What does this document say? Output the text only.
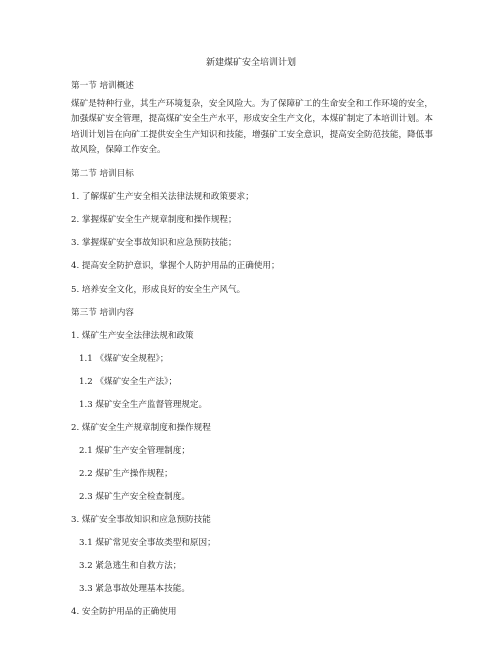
新建煤矿安全培训计划
第一节 培训概述
煤矿是特种行业，其生产环境复杂，安全风险大。为了保障矿工的生命安全和工作环境的安全，加强煤矿安全管理，提高煤矿安全生产水平，形成安全生产文化，本煤矿制定了本培训计划。本培训计划旨在向矿工提供安全生产知识和技能，增强矿工安全意识，提高安全防范技能，降低事故风险，保障工作安全。
第二节 培训目标
1. 了解煤矿生产安全相关法律法规和政策要求；
2. 掌握煤矿安全生产规章制度和操作规程；
3. 掌握煤矿安全事故知识和应急预防技能；
4. 提高安全防护意识，掌握个人防护用品的正确使用；
5. 培养安全文化，形成良好的安全生产风气。
第三节 培训内容
1. 煤矿生产安全法律法规和政策
1.1 《煤矿安全规程》；
1.2 《煤矿安全生产法》；
1.3 煤矿安全生产监督管理规定。
2. 煤矿安全生产规章制度和操作规程
2.1 煤矿生产安全管理制度；
2.2 煤矿生产操作规程；
2.3 煤矿生产安全检查制度。
3. 煤矿安全事故知识和应急预防技能
3.1 煤矿常见安全事故类型和原因；
3.2 紧急逃生和自救方法；
3.3 紧急事故处理基本技能。
4. 安全防护用品的正确使用
